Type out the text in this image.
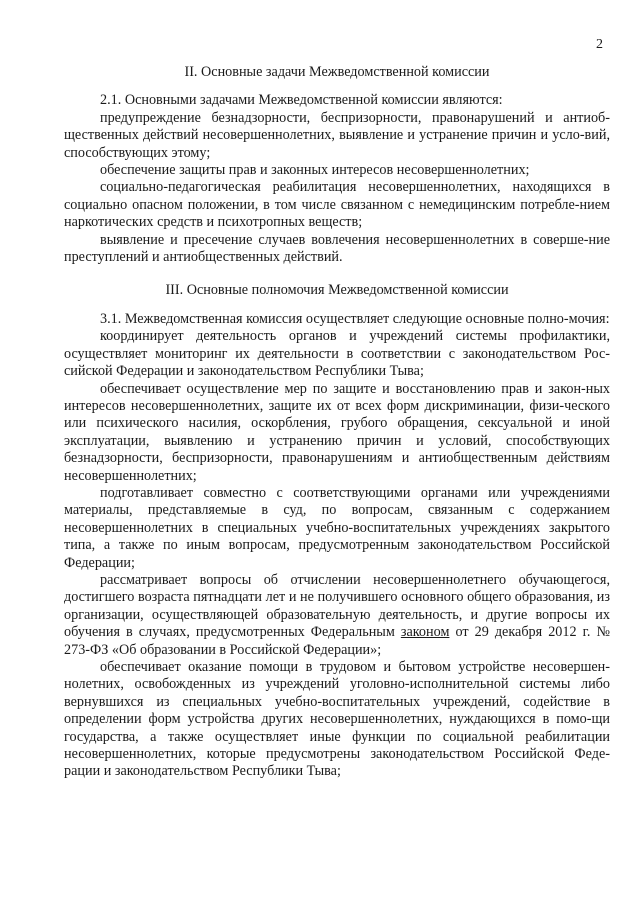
2

II. Основные задачи Межведомственной комиссии

2.1. Основными задачами Межведомственной комиссии являются:

предупреждение безнадзорности, беспризорности, правонарушений и антиоб-щественных действий несовершеннолетних, выявление и устранение причин и усло-вий, способствующих этому;

обеспечение защиты прав и законных интересов несовершеннолетних;

социально-педагогическая реабилитация несовершеннолетних, находящихся в социально опасном положении, в том числе связанном с немедицинским потребле-нием наркотических средств и психотропных веществ;

выявление и пресечение случаев вовлечения несовершеннолетних в соверше-ние преступлений и антиобщественных действий.

III. Основные полномочия Межведомственной комиссии

3.1. Межведомственная комиссия осуществляет следующие основные полно-мочия:

координирует деятельность органов и учреждений системы профилактики, осуществляет мониторинг их деятельности в соответствии с законодательством Рос-сийской Федерации и законодательством Республики Тыва;

обеспечивает осуществление мер по защите и восстановлению прав и закон-ных интересов несовершеннолетних, защите их от всех форм дискриминации, физи-ческого или психического насилия, оскорбления, грубого обращения, сексуальной и иной эксплуатации, выявлению и устранению причин и условий, способствующих безнадзорности, беспризорности, правонарушениям и антиобщественным действиям несовершеннолетних;

подготавливает совместно с соответствующими органами или учреждениями материалы, представляемые в суд, по вопросам, связанным с содержанием несовершеннолетних в специальных учебно-воспитательных учреждениях закрытого типа, а также по иным вопросам, предусмотренным законодательством Российской Федерации;

рассматривает вопросы об отчислении несовершеннолетнего обучающегося, достигшего возраста пятнадцати лет и не получившего основного общего образования, из организации, осуществляющей образовательную деятельность, и другие вопросы их обучения в случаях, предусмотренных Федеральным законом от 29 декабря 2012 г. № 273-ФЗ «Об образовании в Российской Федерации»;

обеспечивает оказание помощи в трудовом и бытовом устройстве несовершен-нолетних, освобожденных из учреждений уголовно-исполнительной системы либо вернувшихся из специальных учебно-воспитательных учреждений, содействие в определении форм устройства других несовершеннолетних, нуждающихся в помо-щи государства, а также осуществляет иные функции по социальной реабилитации несовершеннолетних, которые предусмотрены законодательством Российской Феде-рации и законодательством Республики Тыва;
